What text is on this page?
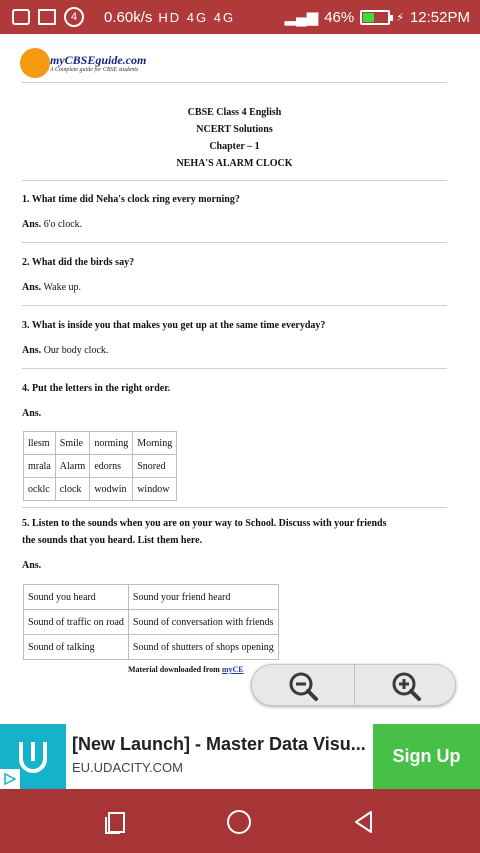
4	0.60k/s HD 4G 4G	▂▄▆ 46%	⚡ 12:52PM
myCBSEguide.com
A Complete guide for CBSE students
CBSE Class 4 English
NCERT Solutions
Chapter – 1
NEHA'S ALARM CLOCK
1. What time did Neha's clock ring every morning?
Ans. 6'o clock.
2. What did the birds say?
Ans. Wake up.
3. What is inside you that makes you get up at the same time everyday?
Ans. Our body clock.
4. Put the letters in the right order.
Ans.
llesm	Smile	norming	Morning
mrala	Alarm	edorns	Snored
ocklc	clock	wodwin	window
5. Listen to the sounds when you are on your way to School. Discuss with your friends
the sounds that you heard. List them here.
Ans.
Sound you heard	Sound your friend heard
Sound of traffic on road	Sound of conversation with friends
Sound of talking	Sound of shutters of shops opening
Material downloaded from myCE
[New Launch] - Master Data Visu...
EU.UDACITY.COM
Sign Up
